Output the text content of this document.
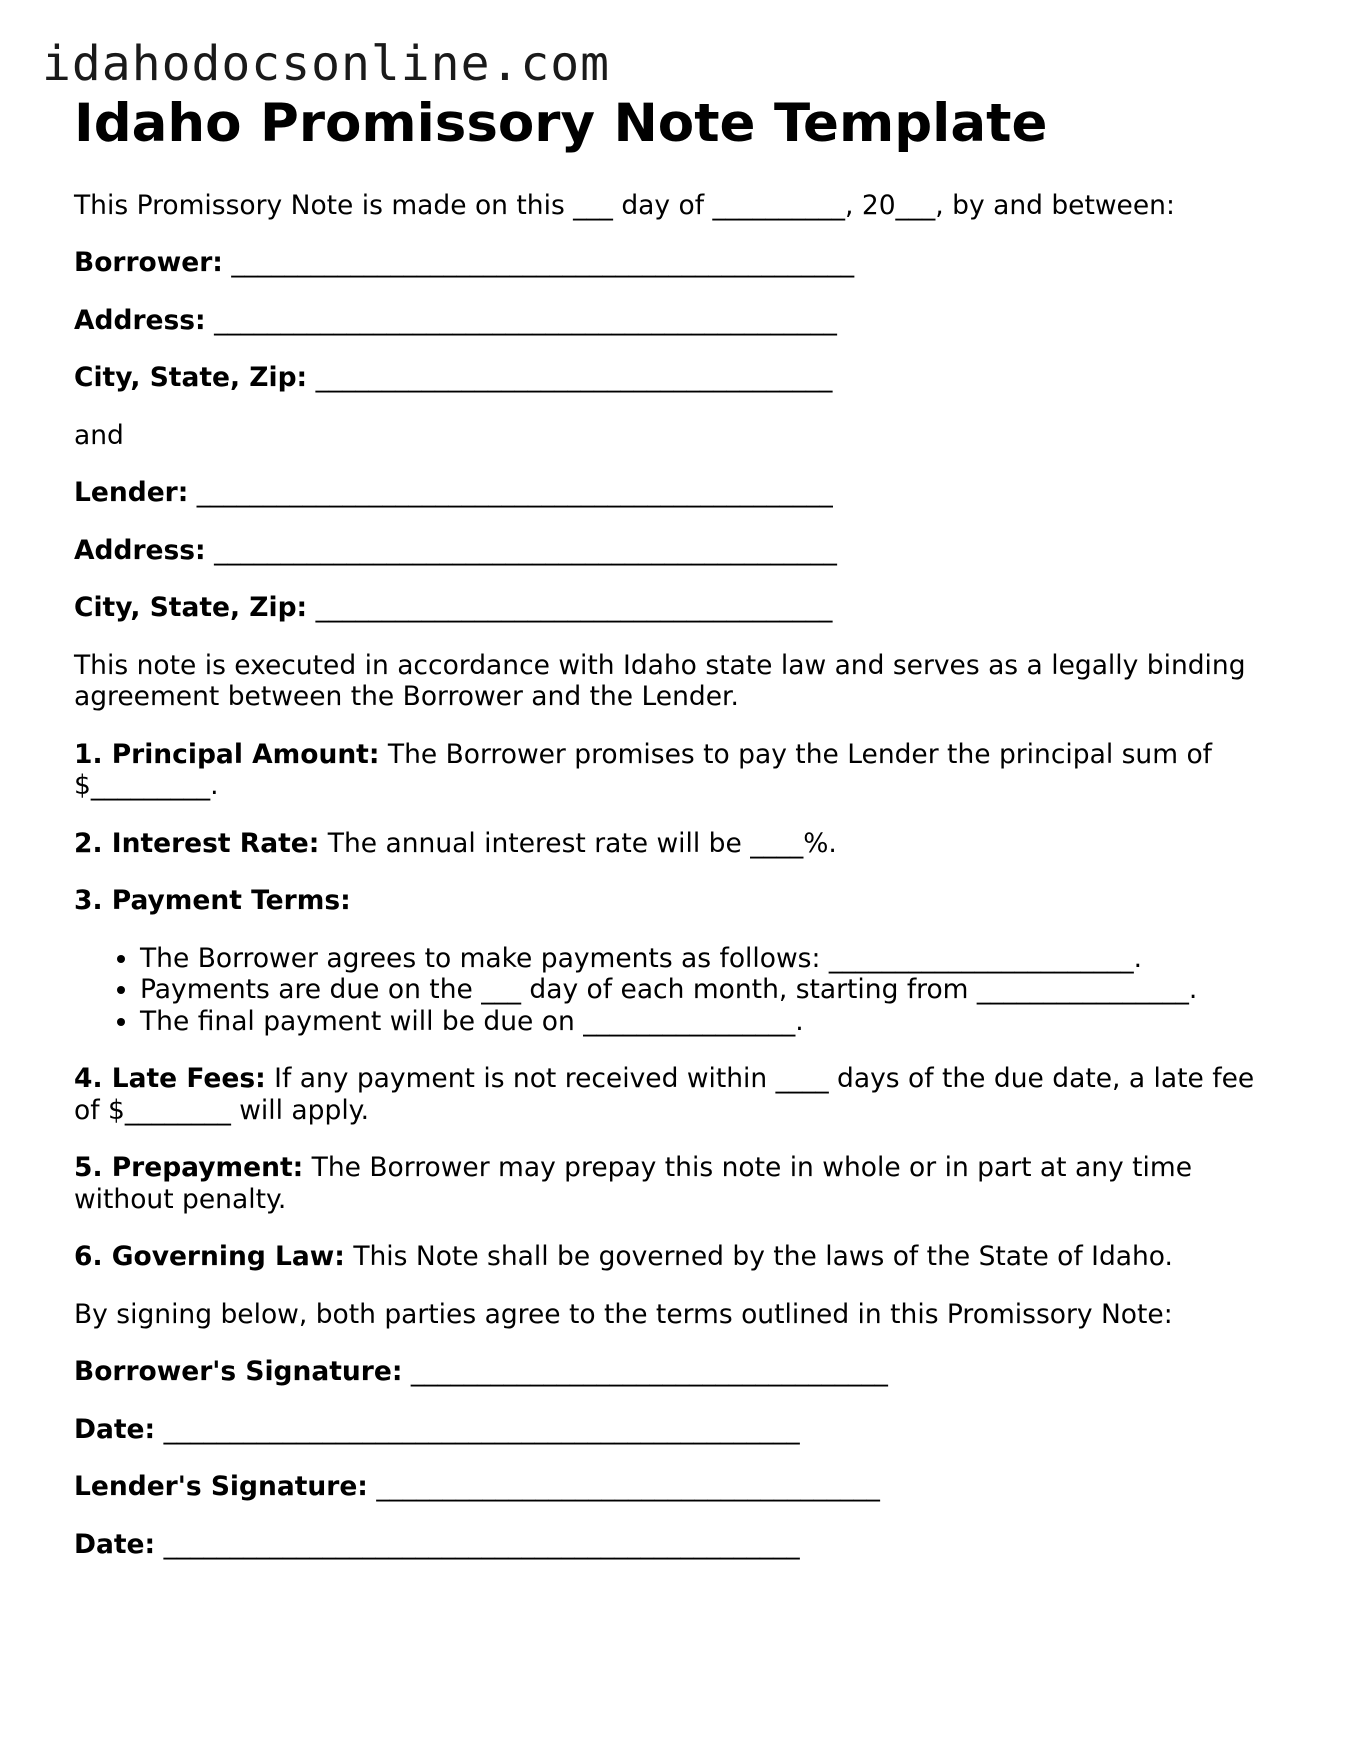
idahodocsonline.com
Idaho Promissory Note Template

This Promissory Note is made on this ___ day of __________, 20___, by and between:

Borrower: _______________________________________________

Address: _______________________________________________

City, State, Zip: _______________________________________

and

Lender: ________________________________________________

Address: _______________________________________________

City, State, Zip: _______________________________________

This note is executed in accordance with Idaho state law and serves as a legally binding agreement between the Borrower and the Lender.

1. Principal Amount: The Borrower promises to pay the Lender the principal sum of $_________.

2. Interest Rate: The annual interest rate will be ____%.

3. Payment Terms:

• The Borrower agrees to make payments as follows: _______________________.
• Payments are due on the ___ day of each month, starting from ________________.
• The final payment will be due on ________________.

4. Late Fees: If any payment is not received within ____ days of the due date, a late fee of $________ will apply.

5. Prepayment: The Borrower may prepay this note in whole or in part at any time without penalty.

6. Governing Law: This Note shall be governed by the laws of the State of Idaho.

By signing below, both parties agree to the terms outlined in this Promissory Note:

Borrower's Signature: ____________________________________

Date: ________________________________________________

Lender's Signature: ______________________________________

Date: ________________________________________________
